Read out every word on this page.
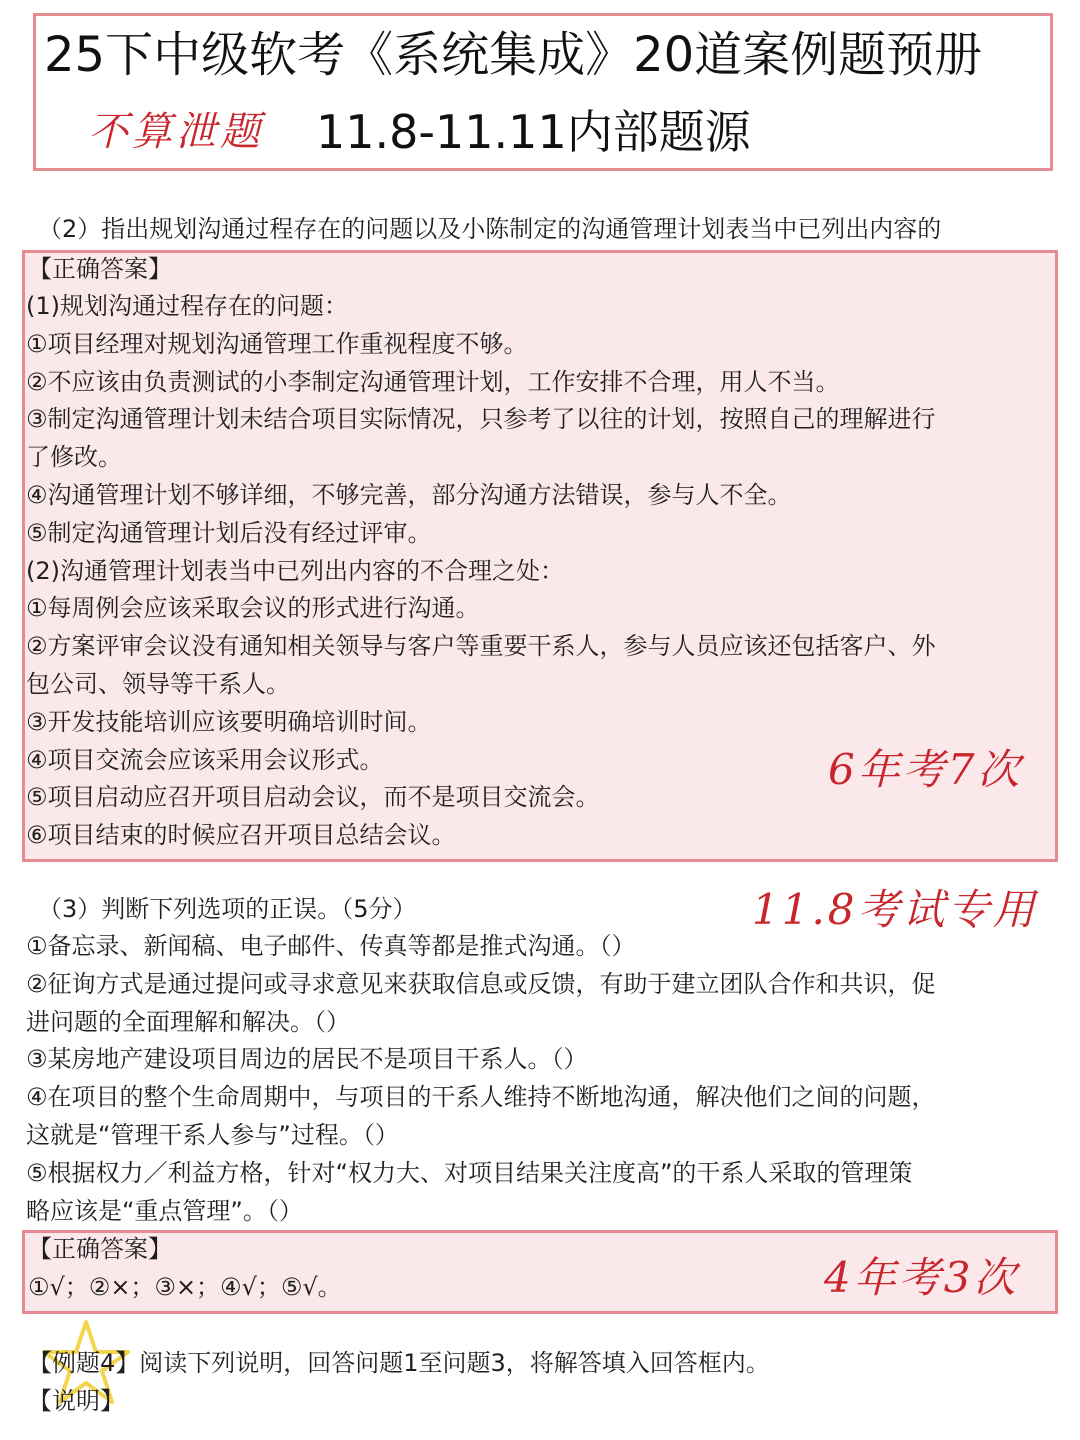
25下中级软考《系统集成》20道案例题预册
不算泄题 11.8-11.11内部题源
（2）指出规划沟通过程存在的问题以及小陈制定的沟通管理计划表当中已列出内容的
【正确答案】
(1)规划沟通过程存在的问题：
①项目经理对规划沟通管理工作重视程度不够。
②不应该由负责测试的小李制定沟通管理计划，工作安排不合理，用人不当。
③制定沟通管理计划未结合项目实际情况，只参考了以往的计划，按照自己的理解进行
了修改。
④沟通管理计划不够详细，不够完善，部分沟通方法错误，参与人不全。
⑤制定沟通管理计划后没有经过评审。
(2)沟通管理计划表当中已列出内容的不合理之处：
①每周例会应该采取会议的形式进行沟通。
②方案评审会议没有通知相关领导与客户等重要干系人，参与人员应该还包括客户、外
包公司、领导等干系人。
③开发技能培训应该要明确培训时间。
④项目交流会应该采用会议形式。
⑤项目启动应召开项目启动会议，而不是项目交流会。
⑥项目结束的时候应召开项目总结会议。
6年考7次
（3）判断下列选项的正误。（5分）	11.8考试专用
①备忘录、新闻稿、电子邮件、传真等都是推式沟通。（）
②征询方式是通过提问或寻求意见来获取信息或反馈，有助于建立团队合作和共识，促
进问题的全面理解和解决。（）
③某房地产建设项目周边的居民不是项目干系人。（）
④在项目的整个生命周期中，与项目的干系人维持不断地沟通，解决他们之间的问题，
这就是“管理干系人参与”过程。（）
⑤根据权力／利益方格，针对“权力大、对项目结果关注度高”的干系人采取的管理策
略应该是“重点管理”。（）
【正确答案】
①√；②×；③×；④√；⑤√。	4年考3次
【例题4】阅读下列说明，回答问题1至问题3，将解答填入回答框内。
【说明】
